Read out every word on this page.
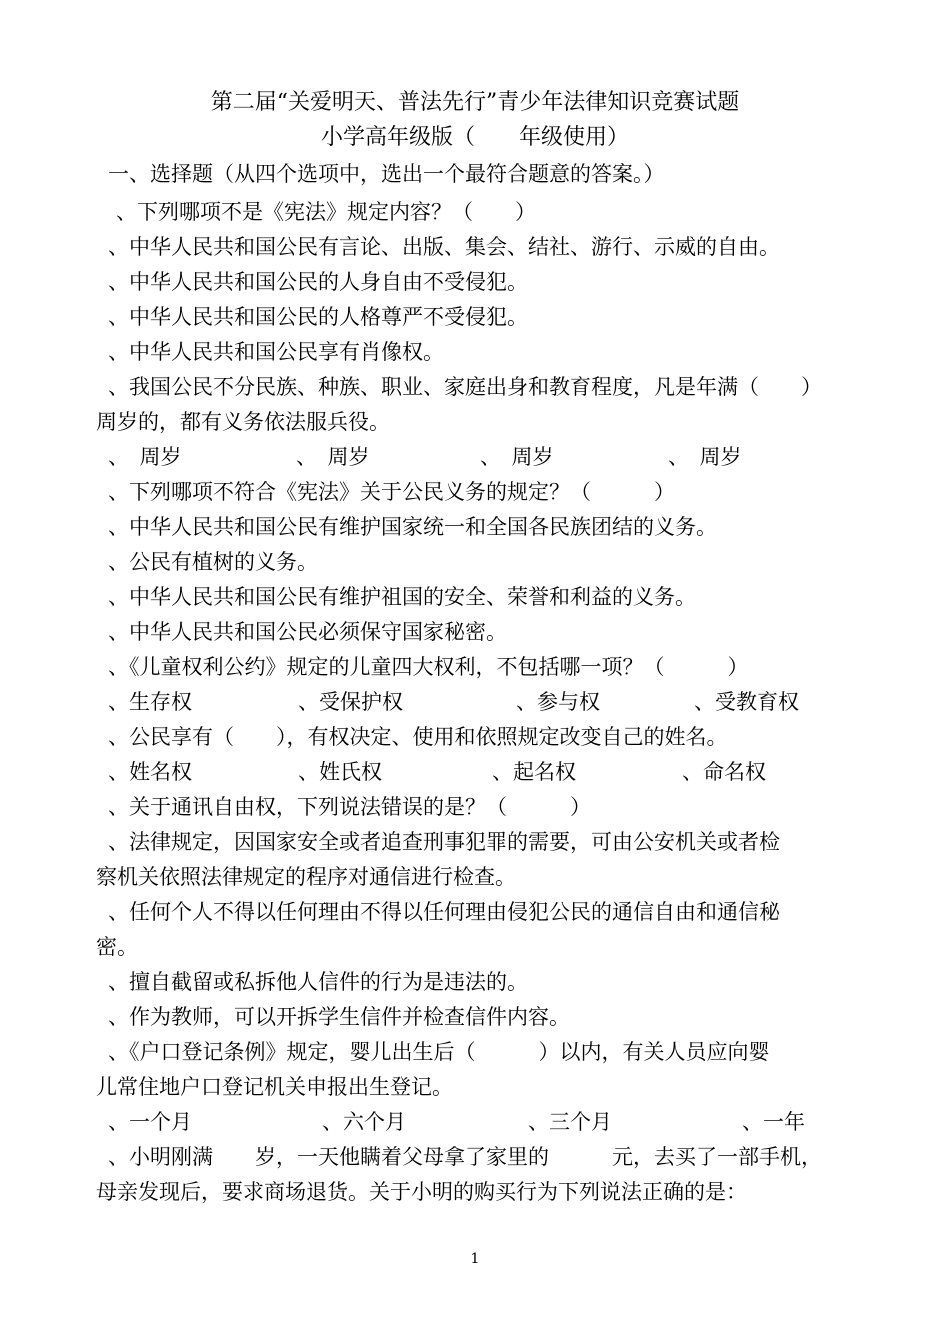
第二届“关爱明天、普法先行”青少年法律知识竞赛试题
小学高年级版（　　年级使用）
一、选择题（从四个选项中，选出一个最符合题意的答案。）
、下列哪项不是《宪法》规定内容？（　　）
、中华人民共和国公民有言论、出版、集会、结社、游行、示威的自由。
、中华人民共和国公民的人身自由不受侵犯。
、中华人民共和国公民的人格尊严不受侵犯。
、中华人民共和国公民享有肖像权。
、我国公民不分民族、种族、职业、家庭出身和教育程度，凡是年满（　　）
周岁的，都有义务依法服兵役。
、　周岁	、　周岁	、　周岁	、　周岁
、下列哪项不符合《宪法》关于公民义务的规定？（　　　）
、中华人民共和国公民有维护国家统一和全国各民族团结的义务。
、公民有植树的义务。
、中华人民共和国公民有维护祖国的安全、荣誉和利益的义务。
、中华人民共和国公民必须保守国家秘密。
、《儿童权利公约》规定的儿童四大权利，不包括哪一项？（　　　）
、生存权	、受保护权	、参与权	、受教育权
、公民享有（　　），有权决定、使用和依照规定改变自己的姓名。
、姓名权	、姓氏权	、起名权	、命名权
、关于通讯自由权，下列说法错误的是？（　　　）
、法律规定，因国家安全或者追查刑事犯罪的需要，可由公安机关或者检
察机关依照法律规定的程序对通信进行检查。
、任何个人不得以任何理由不得以任何理由侵犯公民的通信自由和通信秘
密。
、擅自截留或私拆他人信件的行为是违法的。
、作为教师，可以开拆学生信件并检查信件内容。
、《户口登记条例》规定，婴儿出生后（　　　）以内，有关人员应向婴
儿常住地户口登记机关申报出生登记。
、一个月	、六个月	、三个月	、一年
、小明刚满　　岁，一天他瞒着父母拿了家里的　　　元，去买了一部手机，
母亲发现后，要求商场退货。关于小明的购买行为下列说法正确的是：
1
